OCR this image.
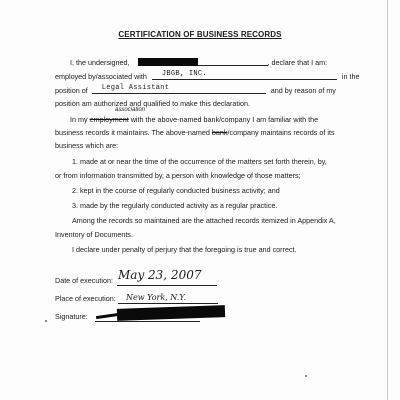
CERTIFICATION OF BUSINESS RECORDS
I, the undersigned,	, declare that I am:
employed by/associated with JBGB, INC.	in the
position of Legal Assistant	and by reason of my
position am authorized and qualified to make this declaration.
association
In my employment with the above-named bank/company I am familiar with the
business records it maintains. The above-named bank/company maintains records of its
business which are:
1. made at or near the time of the occurrence of the matters set forth therein, by,
or from information transmitted by, a person with knowledge of those matters;
2. kept in the course of regularly conducted business activity; and
3. made by the regularly conducted activity as a regular practice.
Among the records so maintained are the attached records itemized in Appendix A,
Inventory of Documents.
I declare under penalty of perjury that the foregoing is true and correct.
Date of execution: May 23, 2007
Place of execution: New York, N.Y.
Signature:
